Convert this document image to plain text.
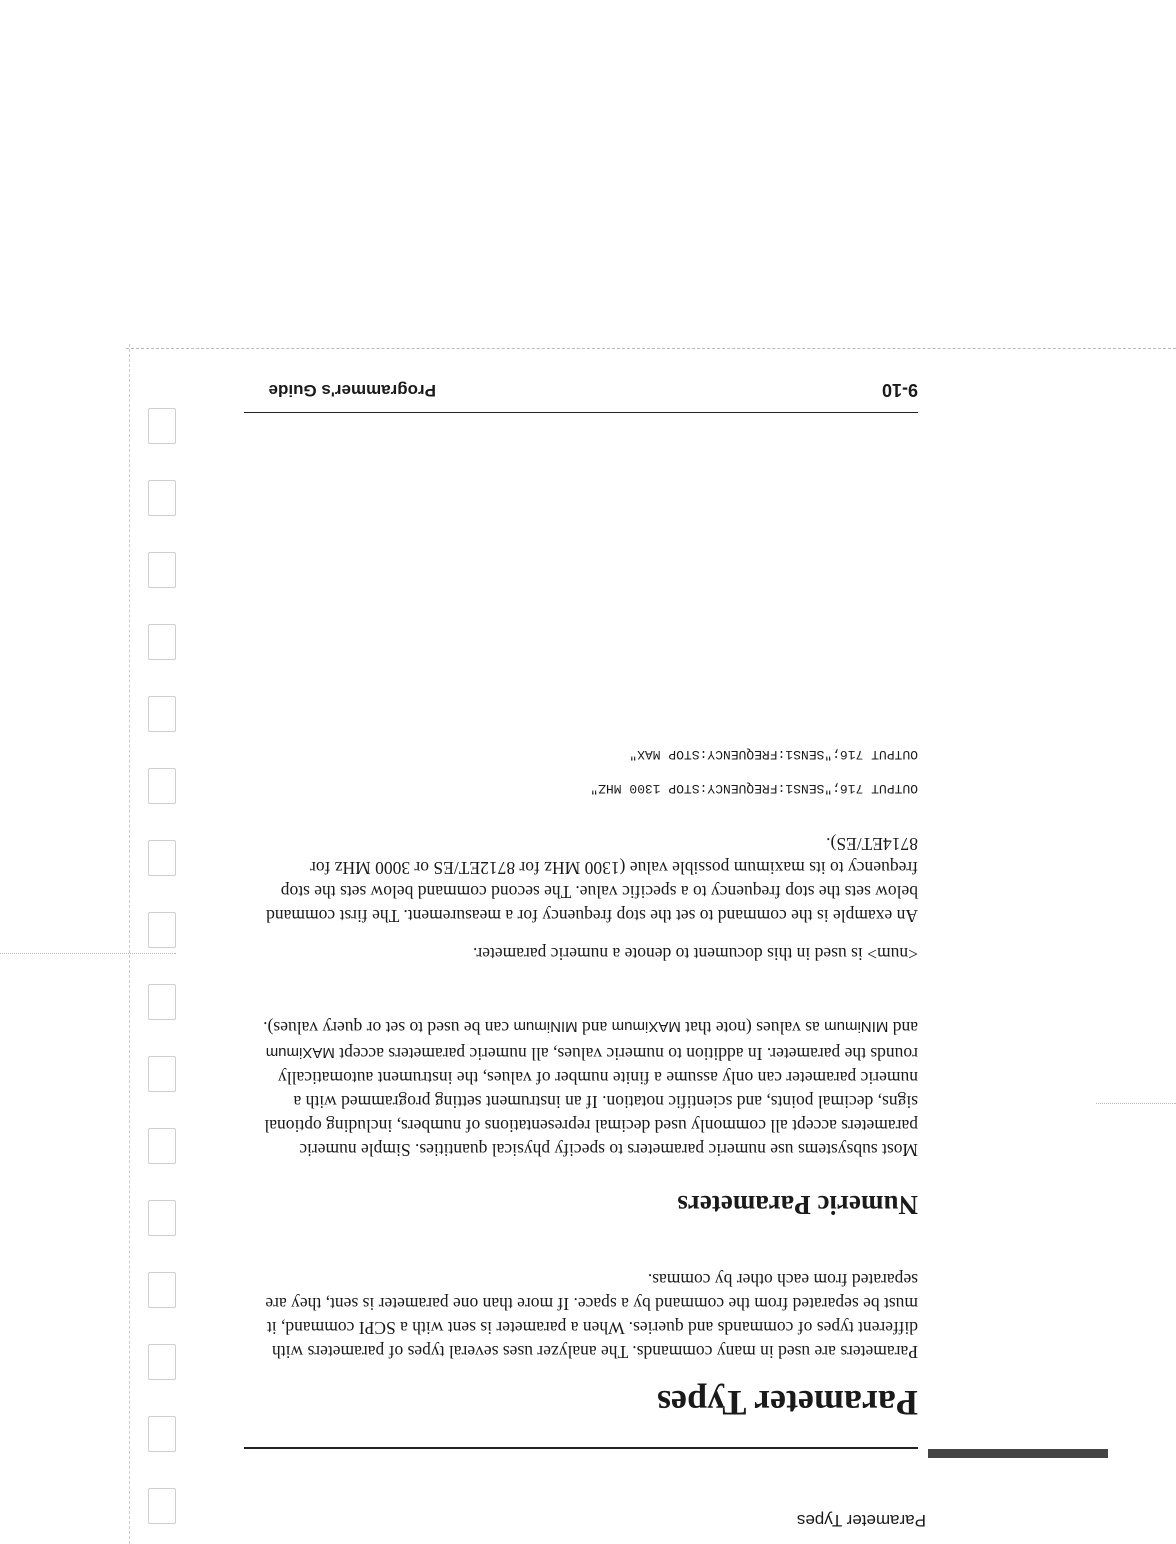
Parameter Types

Parameter Types

Parameters are used in many commands. The analyzer uses several types of parameters with different types of commands and queries. When a parameter is sent with a SCPI command, it must be separated from the command by a space. If more than one parameter is sent, they are separated from each other by commas.

Numeric Parameters

Most subsystems use numeric parameters to specify physical quantities. Simple numeric parameters accept all commonly used decimal representations of numbers, including optional signs, decimal points, and scientific notation. If an instrument setting programmed with a numeric parameter can only assume a finite number of values, the instrument automatically rounds the parameter. In addition to numeric values, all numeric parameters accept MAXimum and MINimum as values (note that MAXimum and MINimum can be used to set or query values).

<num> is used in this document to denote a numeric parameter.

An example is the command to set the stop frequency for a measurement. The first command below sets the stop frequency to a specific value. The second command below sets the stop frequency to its maximum possible value (1300 MHz for 8712ET/ES or 3000 MHz for 8714ET/ES).

OUTPUT 716;"SENS1:FREQUENCY:STOP 1300 MHZ"

OUTPUT 716;"SENS1:FREQUENCY:STOP MAX"

Programmer's Guide	9-10
